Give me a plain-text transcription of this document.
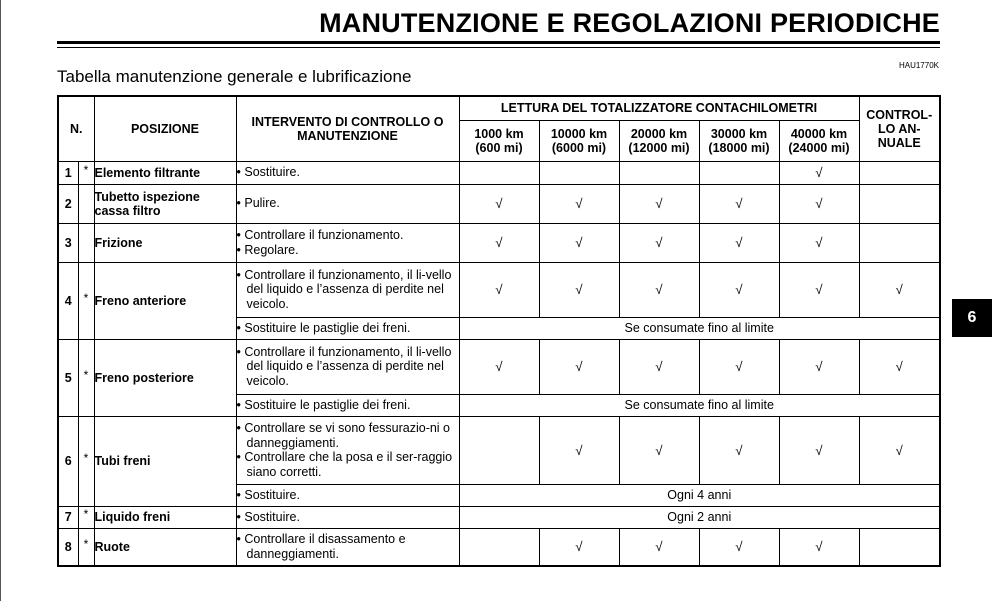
MANUTENZIONE E REGOLAZIONI PERIODICHE
Tabella manutenzione generale e lubrificazione
HAU1770K
6
N.		POSIZIONE	INTERVENTO DI CONTROLLO O MANUTENZIONE	LETTURA DEL TOTALIZZATORE CONTACHILOMETRI					CONTROL-
LO AN-
NUALE

				1000 km
(600 mi)	10000 km
(6000 mi)	20000 km
(12000 mi)	30000 km
(18000 mi)	40000 km
(24000 mi)	

1	*	Elemento filtrante	• Sostituire.					√	
2		Tubetto ispezione cassa filtro	• Pulire.	√	√	√	√	√	
3		Frizione	• Controllare il funzionamento.
• Regolare.	√	√	√	√	√	
4	*	Freno anteriore	• Controllare il funzionamento, il li-vello del liquido e l’assenza di perdite nel veicolo.	√	√	√	√	√	√

			• Sostituire le pastiglie dei freni.	Se consumate fino al limite					
5	*	Freno posteriore	• Controllare il funzionamento, il li-vello del liquido e l’assenza di perdite nel veicolo.	√	√	√	√	√	√

			• Sostituire le pastiglie dei freni.	Se consumate fino al limite					
6	*	Tubi freni	• Controllare se vi sono fessurazio-ni o danneggiamenti.
• Controllare che la posa e il ser-raggio siano corretti.		√	√	√	√	√

			• Sostituire.	Ogni 4 anni					
7	*	Liquido freni	• Sostituire.	Ogni 2 anni					
8	*	Ruote	• Controllare il disassamento e danneggiamenti.		√	√	√	√	
